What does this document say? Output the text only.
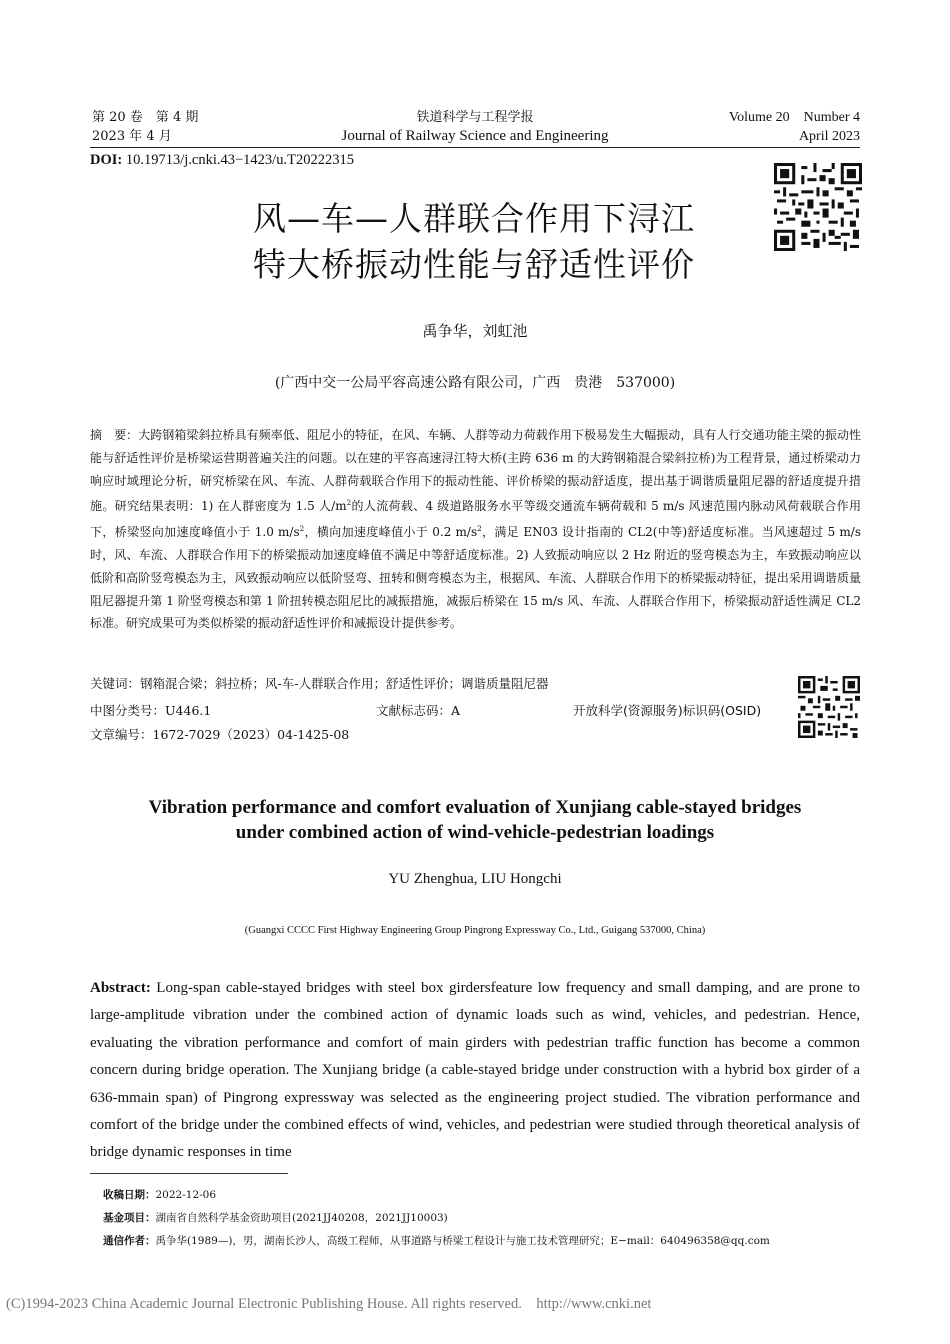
第 20 卷　第 4 期
2023 年 4 月
铁道科学与工程学报
Journal of Railway Science and Engineering
Volume 20　Number 4
April 2023
DOI: 10.19713/j.cnki.43−1423/u.T20222315
风—车—人群联合作用下浔江
特大桥振动性能与舒适性评价
禹争华，刘虹池
(广西中交一公局平容高速公路有限公司，广西　贵港　537000)
摘　要：大跨钢箱梁斜拉桥具有频率低、阻尼小的特征，在风、车辆、人群等动力荷载作用下极易发生大幅振动，具有人行交通功能主梁的振动性能与舒适性评价是桥梁运营期普遍关注的问题。以在建的平容高速浔江特大桥(主跨 636 m 的大跨钢箱混合梁斜拉桥)为工程背景，通过桥梁动力响应时域理论分析，研究桥梁在风、车流、人群荷载联合作用下的振动性能、评价桥梁的振动舒适度，提出基于调谐质量阻尼器的舒适度提升措施。研究结果表明：1) 在人群密度为 1.5 人$/m^2$的人流荷载、4 级道路服务水平等级交通流车辆荷载和 5 m/s 风速范围内脉动风荷载联合作用下，桥梁竖向加速度峰值小于 1.0 $m/s^2$，横向加速度峰值小于 0.2 $m/s^2$，满足 EN03 设计指南的 CL2(中等)舒适度标准。当风速超过 5 m/s 时，风、车流、人群联合作用下的桥梁振动加速度峰值不满足中等舒适度标准。2) 人致振动响应以 2 Hz 附近的竖弯模态为主，车致振动响应以低阶和高阶竖弯模态为主，风致振动响应以低阶竖弯、扭转和侧弯模态为主，根据风、车流、人群联合作用下的桥梁振动特征，提出采用调谐质量阻尼器提升第 1 阶竖弯模态和第 1 阶扭转模态阻尼比的减振措施，减振后桥梁在 15 m/s 风、车流、人群联合作用下，桥梁振动舒适性满足 CL2 标准。研究成果可为类似桥梁的振动舒适性评价和减振设计提供参考。
关键词：钢箱混合梁；斜拉桥；风-车-人群联合作用；舒适性评价；调谐质量阻尼器
中图分类号：U446.1	文献标志码：A	开放科学(资源服务)标识码(OSID)
文章编号：1672-7029（2023）04-1425-08
Vibration performance and comfort evaluation of Xunjiang cable-stayed bridges
under combined action of wind-vehicle-pedestrian loadings
YU Zhenghua, LIU Hongchi
(Guangxi CCCC First Highway Engineering Group Pingrong Expressway Co., Ltd., Guigang 537000, China)
Abstract: Long-span cable-stayed bridges with steel box girdersfeature low frequency and small damping, and are prone to large-amplitude vibration under the combined action of dynamic loads such as wind, vehicles, and pedestrian. Hence, evaluating the vibration performance and comfort of main girders with pedestrian traffic function has become a common concern during bridge operation. The Xunjiang bridge (a cable-stayed bridge under construction with a hybrid box girder of a 636-mmain span) of Pingrong expressway was selected as the engineering project studied. The vibration performance and comfort of the bridge under the combined effects of wind, vehicles, and pedestrian were studied through theoretical analysis of bridge dynamic responses in time
收稿日期：2022-12-06
基金项目：湖南省自然科学基金资助项目(2021JJ40208，2021JJ10003)
通信作者：禹争华(1989—)，男，湖南长沙人，高级工程师，从事道路与桥梁工程设计与施工技术管理研究；E−mail：640496358@qq.com
(C)1994-2023 China Academic Journal Electronic Publishing House. All rights reserved.    http://www.cnki.net
